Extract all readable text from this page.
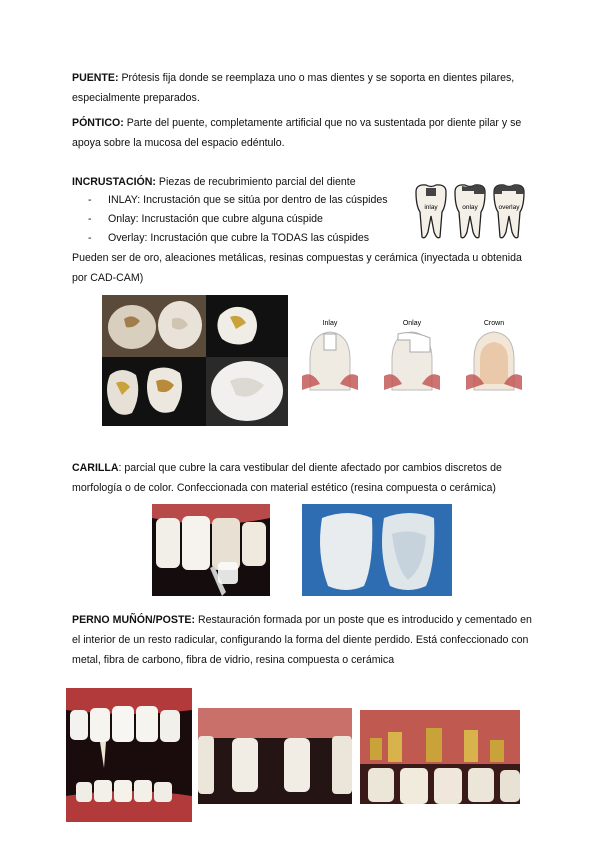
PUENTE: Prótesis fija donde se reemplaza uno o mas dientes y se soporta en dientes pilares, especialmente preparados.
PÓNTICO: Parte del puente, completamente artificial que no va sustentada por diente pilar y se apoya sobre la mucosa del espacio edéntulo.
INCRUSTACIÓN: Piezas de recubrimiento parcial del diente
- INLAY: Incrustación que se sitúa por dentro de las cúspides
- Onlay: Incrustación que cubre alguna cúspide
- Overlay: Incrustación que cubre la TODAS las cúspides
Pueden ser de oro, aleaciones metálicas, resinas compuestas y cerámica (inyectada u obtenida por CAD-CAM)
inlay	onlay	overlay
Inlay	Onlay	Crown
CARILLA: parcial que cubre la cara vestibular del diente afectado por cambios discretos de morfología o de color. Confeccionada con material estético (resina compuesta o cerámica)
PERNO MUÑÓN/POSTE: Restauración formada por un poste que es introducido y cementado en el interior de un resto radicular, configurando la forma del diente perdido. Está confeccionado con metal, fibra de carbono, fibra de vidrio, resina compuesta o cerámica
